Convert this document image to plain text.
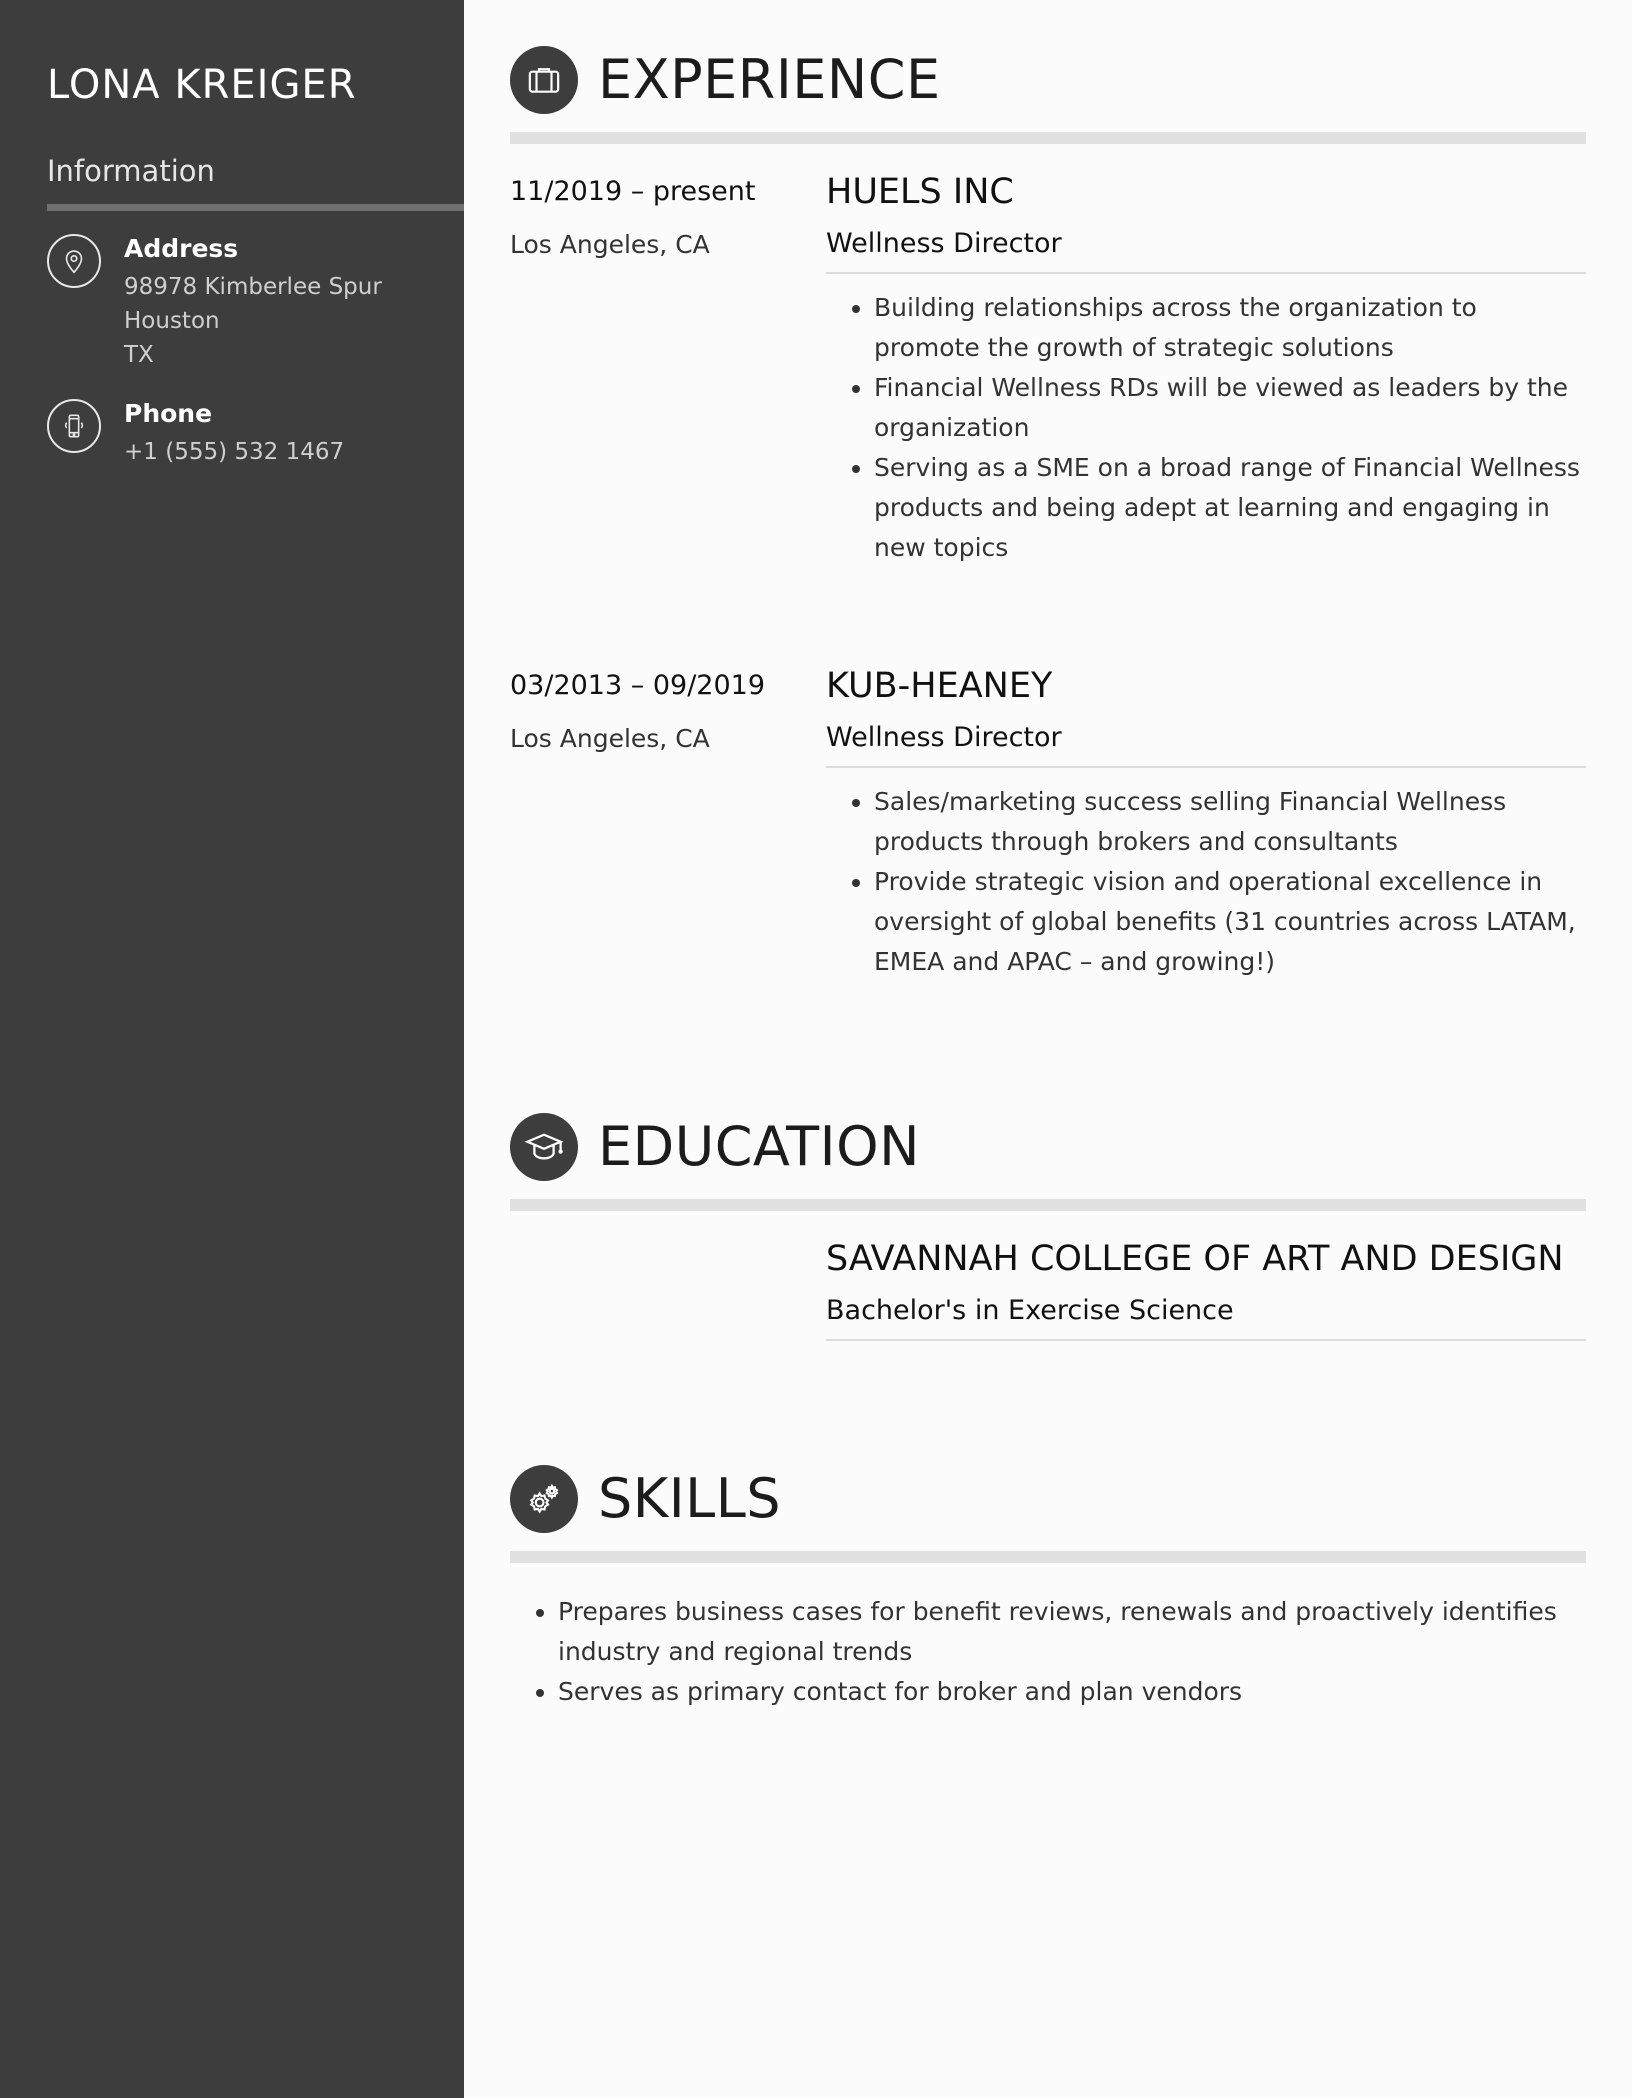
LONA KREIGER
Information
Address
98978 Kimberlee Spur
Houston
TX
Phone
+1 (555) 532 1467
EXPERIENCE
11/2019 – present
Los Angeles, CA
HUELS INC
Wellness Director
• Building relationships across the organization to promote the growth of strategic solutions
• Financial Wellness RDs will be viewed as leaders by the organization
• Serving as a SME on a broad range of Financial Wellness products and being adept at learning and engaging in new topics
03/2013 – 09/2019
Los Angeles, CA
KUB-HEANEY
Wellness Director
• Sales/marketing success selling Financial Wellness products through brokers and consultants
• Provide strategic vision and operational excellence in oversight of global benefits (31 countries across LATAM, EMEA and APAC – and growing!)
EDUCATION
SAVANNAH COLLEGE OF ART AND DESIGN
Bachelor's in Exercise Science
SKILLS
• Prepares business cases for benefit reviews, renewals and proactively identifies industry and regional trends
• Serves as primary contact for broker and plan vendors
